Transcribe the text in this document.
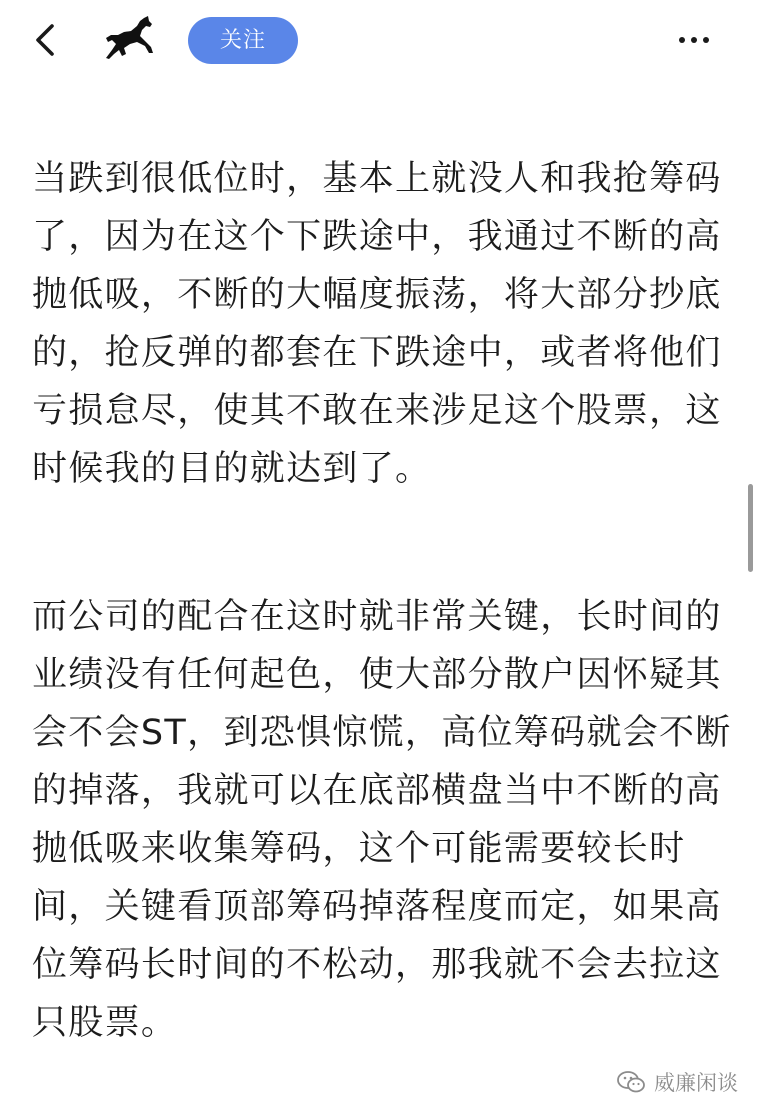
关注

当跌到很低位时，基本上就没人和我抢筹码了，因为在这个下跌途中，我通过不断的高抛低吸，不断的大幅度振荡，将大部分抄底的，抢反弹的都套在下跌途中，或者将他们亏损怠尽，使其不敢在来涉足这个股票，这时候我的目的就达到了。

而公司的配合在这时就非常关键，长时间的业绩没有任何起色，使大部分散户因怀疑其会不会ST，到恐惧惊慌，高位筹码就会不断的掉落，我就可以在底部横盘当中不断的高抛低吸来收集筹码，这个可能需要较长时间，关键看顶部筹码掉落程度而定，如果高位筹码长时间的不松动，那我就不会去拉这只股票。

威廉闲谈
